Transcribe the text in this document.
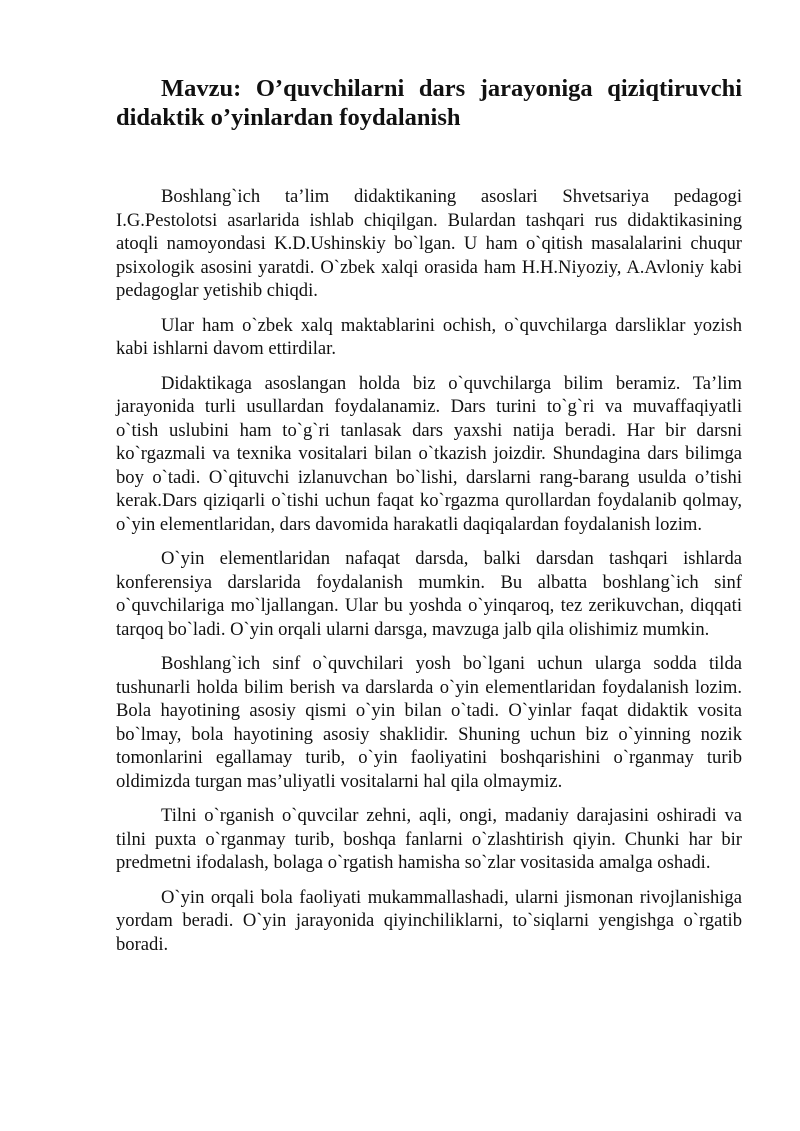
Mavzu: O’quvchilarni dars jarayoniga qiziqtiruvchi didaktik o’yinlardan foydalanish

Boshlang`ich ta’lim didaktikaning asoslari Shvetsariya pedagogi I.G.Pestolotsi asarlarida ishlab chiqilgan. Bulardan tashqari rus didaktikasining atoqli namoyondasi K.D.Ushinskiy bo`lgan. U ham o`qitish masalalarini chuqur psixologik asosini yaratdi. O`zbek xalqi orasida ham H.H.Niyoziy, A.Avloniy kabi pedagoglar yetishib chiqdi.

Ular ham o`zbek xalq maktablarini ochish, o`quvchilarga darsliklar yozish kabi ishlarni davom ettirdilar.

Didaktikaga asoslangan holda biz o`quvchilarga bilim beramiz. Ta’lim jarayonida turli usullardan foydalanamiz. Dars turini to`g`ri va muvaffaqiyatli o`tish uslubini ham to`g`ri tanlasak dars yaxshi natija beradi. Har bir darsni ko`rgazmali va texnika vositalari bilan o`tkazish joizdir. Shundagina dars bilimga boy o`tadi. O`qituvchi izlanuvchan bo`lishi, darslarni rang-barang usulda o’tishi kerak.Dars qiziqarli o`tishi uchun faqat ko`rgazma qurollardan foydalanib qolmay, o`yin elementlaridan, dars davomida harakatli daqiqalardan foydalanish lozim.

O`yin elementlaridan nafaqat darsda, balki darsdan tashqari ishlarda konferensiya darslarida foydalanish mumkin. Bu albatta boshlang`ich sinf o`quvchilariga mo`ljallangan. Ular bu yoshda o`yinqaroq, tez zerikuvchan, diqqati tarqoq bo`ladi. O`yin orqali ularni darsga, mavzuga jalb qila olishimiz mumkin.

Boshlang`ich sinf o`quvchilari yosh bo`lgani uchun ularga sodda tilda tushunarli holda bilim berish va darslarda o`yin elementlaridan foydalanish lozim. Bola hayotining asosiy qismi o`yin bilan o`tadi. O`yinlar faqat didaktik vosita bo`lmay, bola hayotining asosiy shaklidir. Shuning uchun biz o`yinning nozik tomonlarini egallamay turib, o`yin faoliyatini boshqarishini o`rganmay turib oldimizda turgan mas’uliyatli vositalarni hal qila olmaymiz.

Tilni o`rganish o`quvcilar zehni, aqli, ongi, madaniy darajasini oshiradi va tilni puxta o`rganmay turib, boshqa fanlarni o`zlashtirish qiyin. Chunki har bir predmetni ifodalash, bolaga o`rgatish hamisha so`zlar vositasida amalga oshadi.

O`yin orqali bola faoliyati mukammallashadi, ularni jismonan rivojlanishiga yordam beradi. O`yin jarayonida qiyinchiliklarni, to`siqlarni yengishga o`rgatib boradi.
